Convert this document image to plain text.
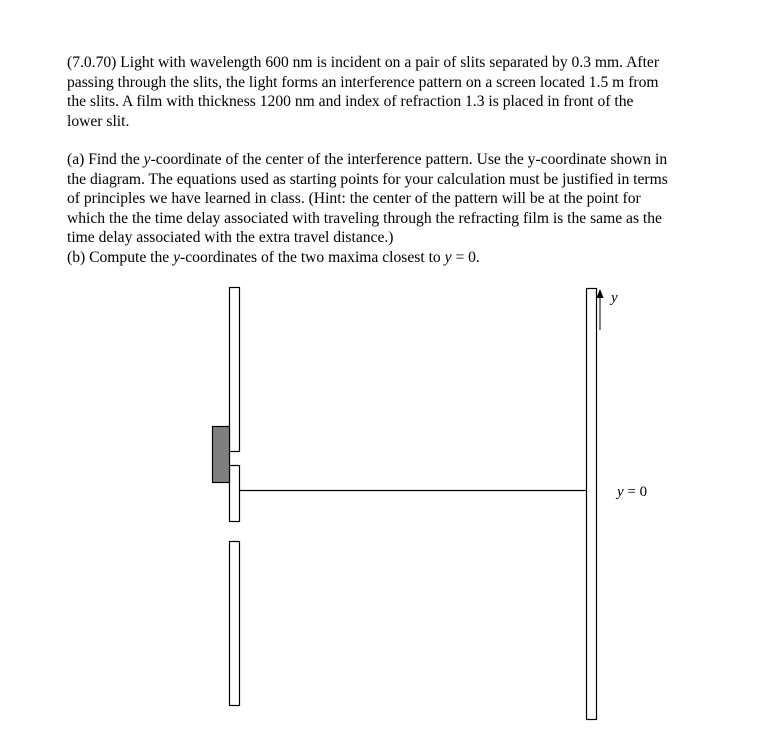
(7.0.70) Light with wavelength 600 nm is incident on a pair of slits separated by 0.3 mm. After
passing through the slits, the light forms an interference pattern on a screen located 1.5 m from
the slits. A film with thickness 1200 nm and index of refraction 1.3 is placed in front of the
lower slit.

(a) Find the y-coordinate of the center of the interference pattern. Use the y-coordinate shown in
the diagram. The equations used as starting points for your calculation must be justified in terms
of principles we have learned in class. (Hint: the center of the pattern will be at the point for
which the the time delay associated with traveling through the refracting film is the same as the
time delay associated with the extra travel distance.)

(b) Compute the y-coordinates of the two maxima closest to y = 0.

y
y = 0
